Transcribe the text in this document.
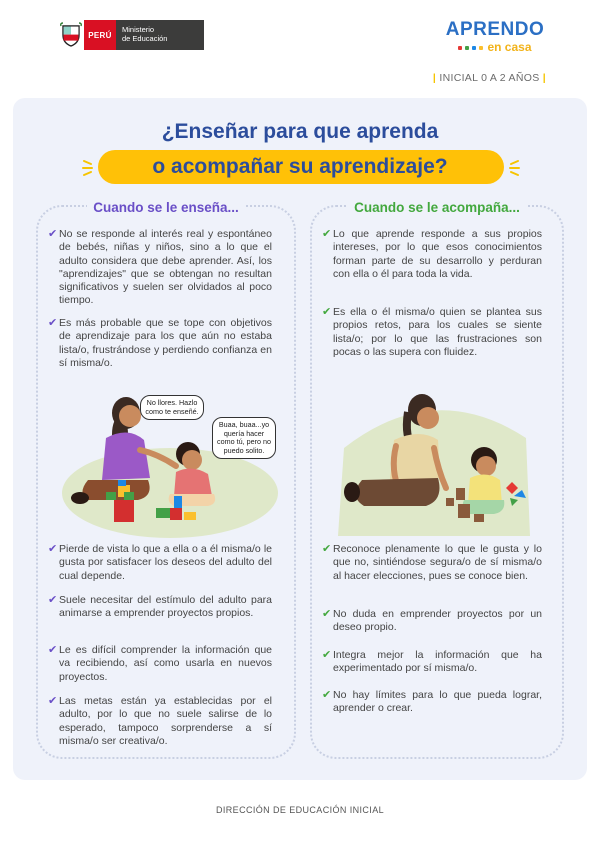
PERÚ
Ministerio
de Educación	APRENDO
en casa
| INICIAL 0 A 2 AÑOS |
¿Enseñar para que aprenda
o acompañar su aprendizaje?
Cuando se le enseña...
✔ No se responde al interés real y espontáneo de bebés, niñas y niños, sino a lo que el adulto considera que debe aprender. Así, los "aprendizajes" que se obtengan no resultan significativos y suelen ser olvidados al poco tiempo.
✔ Es más probable que se tope con objetivos de aprendizaje para los que aún no estaba lista/o, frustrándose y perdiendo confianza en sí misma/o.
No llores. Hazlo como te enseñé.
Buaa, buaa...yo quería hacer como tú, pero no puedo solito.
✔ Pierde de vista lo que a ella o a él misma/o le gusta por satisfacer los deseos del adulto del cual depende.
✔ Suele necesitar del estímulo del adulto para animarse a emprender proyectos propios.
✔ Le es difícil comprender la información que va recibiendo, así como usarla en nuevos proyectos.
✔ Las metas están ya establecidas por el adulto, por lo que no suele salirse de lo esperado, tampoco sorprenderse a sí misma/o ser creativa/o.
Cuando se le acompaña...
✔ Lo que aprende responde a sus propios intereses, por lo que esos conocimientos forman parte de su desarrollo y perduran con ella o él para toda la vida.
✔ Es ella o él misma/o quien se plantea sus propios retos, para los cuales se siente lista/o; por lo que las frustraciones son pocas o las supera con fluidez.
✔ Reconoce plenamente lo que le gusta y lo que no, sintiéndose segura/o de sí misma/o al hacer elecciones, pues se conoce bien.
✔ No duda en emprender proyectos por un deseo propio.
✔ Integra mejor la información que ha experimentado por sí misma/o.
✔ No hay límites para lo que pueda lograr, aprender o crear.
DIRECCIÓN DE EDUCACIÓN INICIAL
